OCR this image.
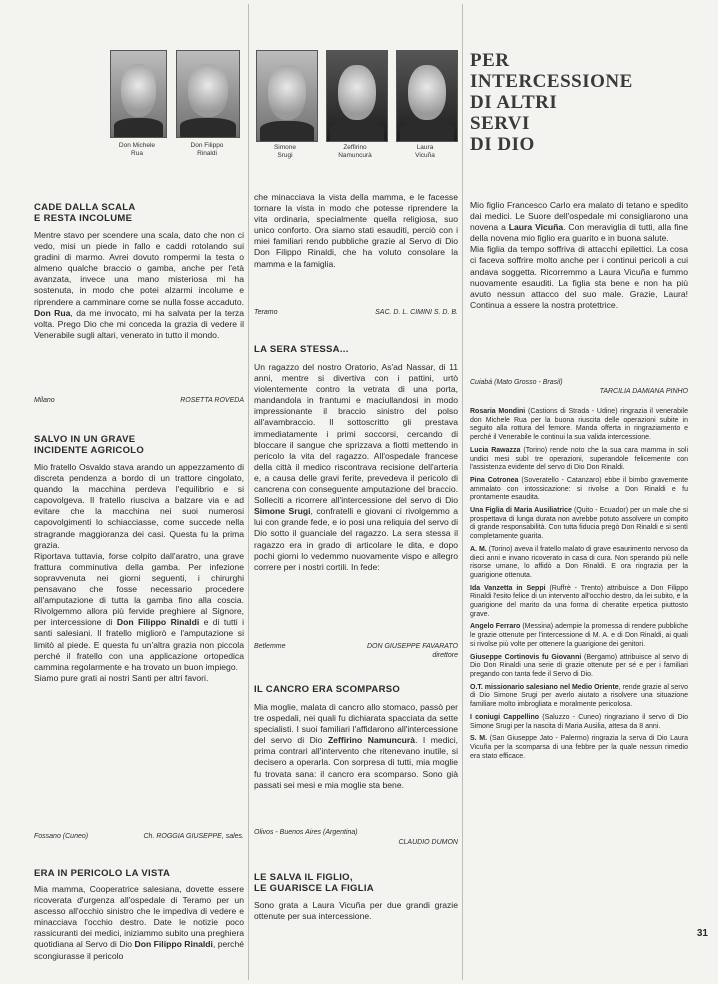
Don Michele
Rua
Don Filippo
Rinaldi
CADE DALLA SCALA
E RESTA INCOLUME

Mentre stavo per scendere una scala, dato che non ci vedo, misi un piede in fallo e caddi rotolando sui gradini di marmo. Avrei dovuto rompermi la testa o almeno qualche braccio o gamba, anche per l'età avanzata, invece una mano misteriosa mi ha sostenuta, in modo che potei alzarmi incolume e riprendere a camminare come se nulla fosse accaduto. Don Rua, da me invocato, mi ha salvata per la terza volta. Prego Dio che mi conceda la grazia di vedere il Venerabile sugli altari, venerato in tutto il mondo.

Milano	ROSETTA ROVEDA
SALVO IN UN GRAVE
INCIDENTE AGRICOLO

Mio fratello Osvaldo stava arando un appezzamento di discreta pendenza a bordo di un trattore cingolato, quando la macchina perdeva l'equilibrio e si capovolgeva. Il fratello riusciva a balzare via e ad evitare che la macchina nei suoi numerosi capovolgimenti lo schiacciasse, come succede nella stragrande maggioranza dei casi. Questa fu la prima grazia.
Riportava tuttavia, forse colpito dall'aratro, una grave frattura comminutiva della gamba. Per infezione sopravvenuta nei giorni seguenti, i chirurghi pensavano che fosse necessario procedere all'amputazione di tutta la gamba fino alla coscia. Rivolgemmo allora più fervide preghiere al Signore, per intercessione di Don Filippo Rinaldi e di tutti i santi salesiani. Il fratello migliorò e l'amputazione si limitò al piede. E questa fu un'altra grazia non piccola perché il fratello con una applicazione ortopedica cammina regolarmente e ha trovato un buon impiego.
Siamo pure grati ai nostri Santi per altri favori.

Fossano (Cuneo)	Ch. ROGGIA GIUSEPPE, sales.
ERA IN PERICOLO LA VISTA

Mia mamma, Cooperatrice salesiana, dovette essere ricoverata d'urgenza all'ospedale di Teramo per un ascesso all'occhio sinistro che le impediva di vedere e minacciava l'occhio destro. Date le notizie poco rassicuranti dei medici, iniziammo subito una preghiera quotidiana al Servo di Dio Don Filippo Rinaldi, perché scongiurasse il pericolo

Simone
Srugi
Zeffirino
Namuncurà
Laura
Vicuña

che minacciava la vista della mamma, e le facesse tornare la vista in modo che potesse riprendere la vita ordinaria, specialmente quella religiosa, suo unico conforto. Ora siamo stati esauditi, perciò con i miei familiari rendo pubbliche grazie al Servo di Dio Don Filippo Rinaldi, che ha voluto consolare la mamma e la famiglia.

Teramo	SAC. D. L. CIMINI S. D. B.
LA SERA STESSA...

Un ragazzo del nostro Oratorio, As'ad Nassar, di 11 anni, mentre si divertiva con i pattini, urtò violentemente contro la vetrata di una porta, mandandola in frantumi e maciullandosi in modo impressionante il braccio sinistro del polso all'avambraccio. Il sottoscritto gli prestava immediatamente i primi soccorsi, cercando di bloccare il sangue che sprizzava a fiotti mettendo in pericolo la vita del ragazzo. All'ospedale francese della città il medico riscontrava recisione dell'arteria e, a causa delle gravi ferite, prevedeva il pericolo di cancrena con conseguente amputazione del braccio. Solleciti a ricorrere all'intercessione del servo di Dio Simone Srugi, confratelli e giovani ci rivolgemmo a lui con grande fede, e io posi una reliquia del servo di Dio sotto il guanciale del ragazzo. La sera stessa il ragazzo era in grado di articolare le dita, e dopo pochi giorni lo vedemmo nuovamente vispo e allegro correre per i nostri cortili. In fede:

Betlemme	DON GIUSEPPE FAVARATO
direttore
IL CANCRO ERA SCOMPARSO

Mia moglie, malata di cancro allo stomaco, passò per tre ospedali, nei quali fu dichiarata spacciata da sette specialisti. I suoi familiari l'affidarono all'intercessione del servo di Dio Zeffirino Namuncurà. I medici, prima contrari all'intervento che ritenevano inutile, si decisero a operarla. Con sorpresa di tutti, mia moglie fu trovata sana: il cancro era scomparso. Sono già passati sei mesi e mia moglie sta bene.

Olivos - Buenos Aires (Argentina)
CLAUDIO DUMON
LE SALVA IL FIGLIO,
LE GUARISCE LA FIGLIA

Sono grata a Laura Vicuña per due grandi grazie ottenute per sua intercessione.

PER
INTERCESSIONE
DI ALTRI
SERVI
DI DIO

Mio figlio Francesco Carlo era malato di tetano e spedito dai medici. Le Suore dell'ospedale mi consigliarono una novena a Laura Vicuña. Con meraviglia di tutti, alla fine della novena mio figlio era guarito e in buona salute.
Mia figlia da tempo soffriva di attacchi epilettici. La cosa ci faceva soffrire molto anche per i continui pericoli a cui andava soggetta. Ricorremmo a Laura Vicuña e fummo nuovamente esauditi. La figlia sta bene e non ha più avuto nessun attacco del suo male. Grazie, Laura! Continua a essere la nostra protettrice.

Cuiabá (Mato Grosso - Brasil)
TARCILIA DAMIANA PINHO

Rosaria Mondini (Castions di Strada - Udine) ringrazia il venerabile don Michele Rua per la buona riuscita delle operazioni subite in seguito alla rottura del femore. Manda offerta in ringraziamento e perché il Venerabile le continui la sua valida intercessione.

Lucia Rawazza (Torino) rende noto che la sua cara mamma in soli undici mesi subì tre operazioni, superandole felicemente con l'assistenza evidente del servo di Dio Don Rinaldi.

Pina Cotronea (Soveratello - Catanzaro) ebbe il bimbo gravemente ammalato con intossicazione: si rivolse a Don Rinaldi e fu prontamente esaudita.

Una Figlia di Maria Ausiliatrice (Quito - Ecuador) per un male che si prospettava di lunga durata non avrebbe potuto assolvere un compito di grande responsabilità. Con tutta fiducia pregò Don Rinaldi e si sentì completamente guarita.

A. M. (Torino) aveva il fratello malato di grave esaurimento nervoso da dieci anni e invano ricoverato in casa di cura. Non sperando più nelle risorse umane, lo affidò a Don Rinaldi. E ora ringrazia per la guarigione ottenuta.

Ida Vanzetta in Seppi (Ruffrè - Trento) attribuisce a Don Filippo Rinaldi l'esito felice di un intervento all'occhio destro, da lei subito, e la guarigione del marito da una forma di cheratite erpetica piuttosto grave.

Angelo Ferraro (Messina) adempie la promessa di rendere pubbliche le grazie ottenute per l'intercessione di M. A. e di Don Rinaldi, ai quali si rivolse più volte per ottenere la guarigione dei genitori.

Giuseppe Cortinovis fu Giovanni (Bergamo) attribuisce al servo di Dio Don Rinaldi una serie di grazie ottenute per sé e per i familiari pregando con tanta fede il Servo di Dio.

O.T. missionario salesiano nel Medio Oriente, rende grazie al servo di Dio Simone Srugi per averlo aiutato a risolvere una situazione familiare molto imbrogliata e moralmente pericolosa.

I coniugi Cappellino (Saluzzo - Cuneo) ringraziano il servo di Dio Simone Srugi per la nascita di Maria Ausilia, attesa da 8 anni.

S. M. (San Giuseppe Jato - Palermo) ringrazia la serva di Dio Laura Vicuña per la scomparsa di una febbre per la quale nessun rimedio era stato efficace.

31
